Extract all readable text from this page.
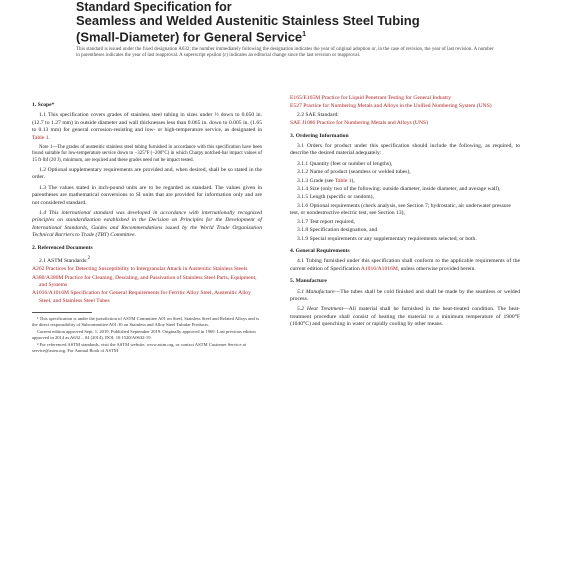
Standard Specification for
Seamless and Welded Austenitic Stainless Steel Tubing
(Small-Diameter) for General Service$^1$
This standard is issued under the fixed designation A632; the number immediately following the designation indicates the year of original adoption or, in the case of revision, the year of last revision. A number in parentheses indicates the year of last reapproval. A superscript epsilon (ε) indicates an editorial change since the last revision or reapproval.
1. Scope*
1.1 This specification covers grades of stainless steel tubing in sizes under ½ down to 0.050 in. (12.7 to 1.27 mm) in outside diameter and wall thicknesses less than 0.065 in. down to 0.005 in. (1.65 to 0.13 mm) for general corrosion-resisting and low- or high-temperature service, as designated in Table 1.
Note 1—The grades of austenitic stainless steel tubing furnished in accordance with this specification have been found suitable for low-temperature service down to −325°F (−200°C) in which Charpy notched-bar impact values of 15 ft·lbf (20 J), minimum, are required and these grades need not be impact tested.
1.2 Optional supplementary requirements are provided and, when desired, shall be so stated in the order.
1.3 The values stated in inch-pound units are to be regarded as standard. The values given in parentheses are mathematical conversions to SI units that are provided for information only and are not considered standard.
1.4 This international standard was developed in accordance with internationally recognized principles on standardization established in the Decision on Principles for the Development of International Standards, Guides and Recommendations issued by the World Trade Organization Technical Barriers to Trade (TBT) Committee.
2. Referenced Documents
2.1 ASTM Standards:$^2$
A262 Practices for Detecting Susceptibility to Intergranular Attack in Austenitic Stainless Steels
A380/A380M Practice for Cleaning, Descaling, and Passivation of Stainless Steel Parts, Equipment, and Systems
A1016/A1016M Specification for General Requirements for Ferritic Alloy Steel, Austenitic Alloy Steel, and Stainless Steel Tubes
¹ This specification is under the jurisdiction of ASTM Committee A01 on Steel, Stainless Steel and Related Alloys and is the direct responsibility of Subcommittee A01.10 on Stainless and Alloy Steel Tubular Products.
Current edition approved Sept. 1, 2019. Published September 2019. Originally approved in 1969. Last previous edition approved in 2014 as A632 – 04 (2014). DOI: 10.1520/A0632-19.
² For referenced ASTM standards, visit the ASTM website, www.astm.org, or contact ASTM Customer Service at service@astm.org. For Annual Book of ASTM
E165/E165M Practice for Liquid Penetrant Testing for General Industry
E527 Practice for Numbering Metals and Alloys in the Unified Numbering System (UNS)
2.2 SAE Standard:
SAE J1086 Practice for Numbering Metals and Alloys (UNS)
3. Ordering Information
3.1 Orders for product under this specification should include the following, as required, to describe the desired material adequately:
3.1.1 Quantity (feet or number of lengths),
3.1.2 Name of product (seamless or welded tubes),
3.1.3 Grade (see Table 1),
3.1.4 Size (only two of the following: outside diameter, inside diameter, and average wall),
3.1.5 Length (specific or random),
3.1.6 Optional requirements (check analysis, see Section 7; hydrostatic, air underwater pressure test, or nondestructive electric test, see Section 13),
3.1.7 Test report required,
3.1.8 Specification designation, and
3.1.9 Special requirements or any supplementary requirements selected, or both.
4. General Requirements
4.1 Tubing furnished under this specification shall conform to the applicable requirements of the current edition of Specification A1016/A1016M, unless otherwise provided herein.
5. Manufacture
5.1 Manufacture—The tubes shall be cold finished and shall be made by the seamless or welded process.
5.2 Heat Treatment—All material shall be furnished in the heat-treated condition. The heat-treatment procedure shall consist of heating the material to a minimum temperature of 1900°F (1040°C) and quenching in water or rapidly cooling by other means.
